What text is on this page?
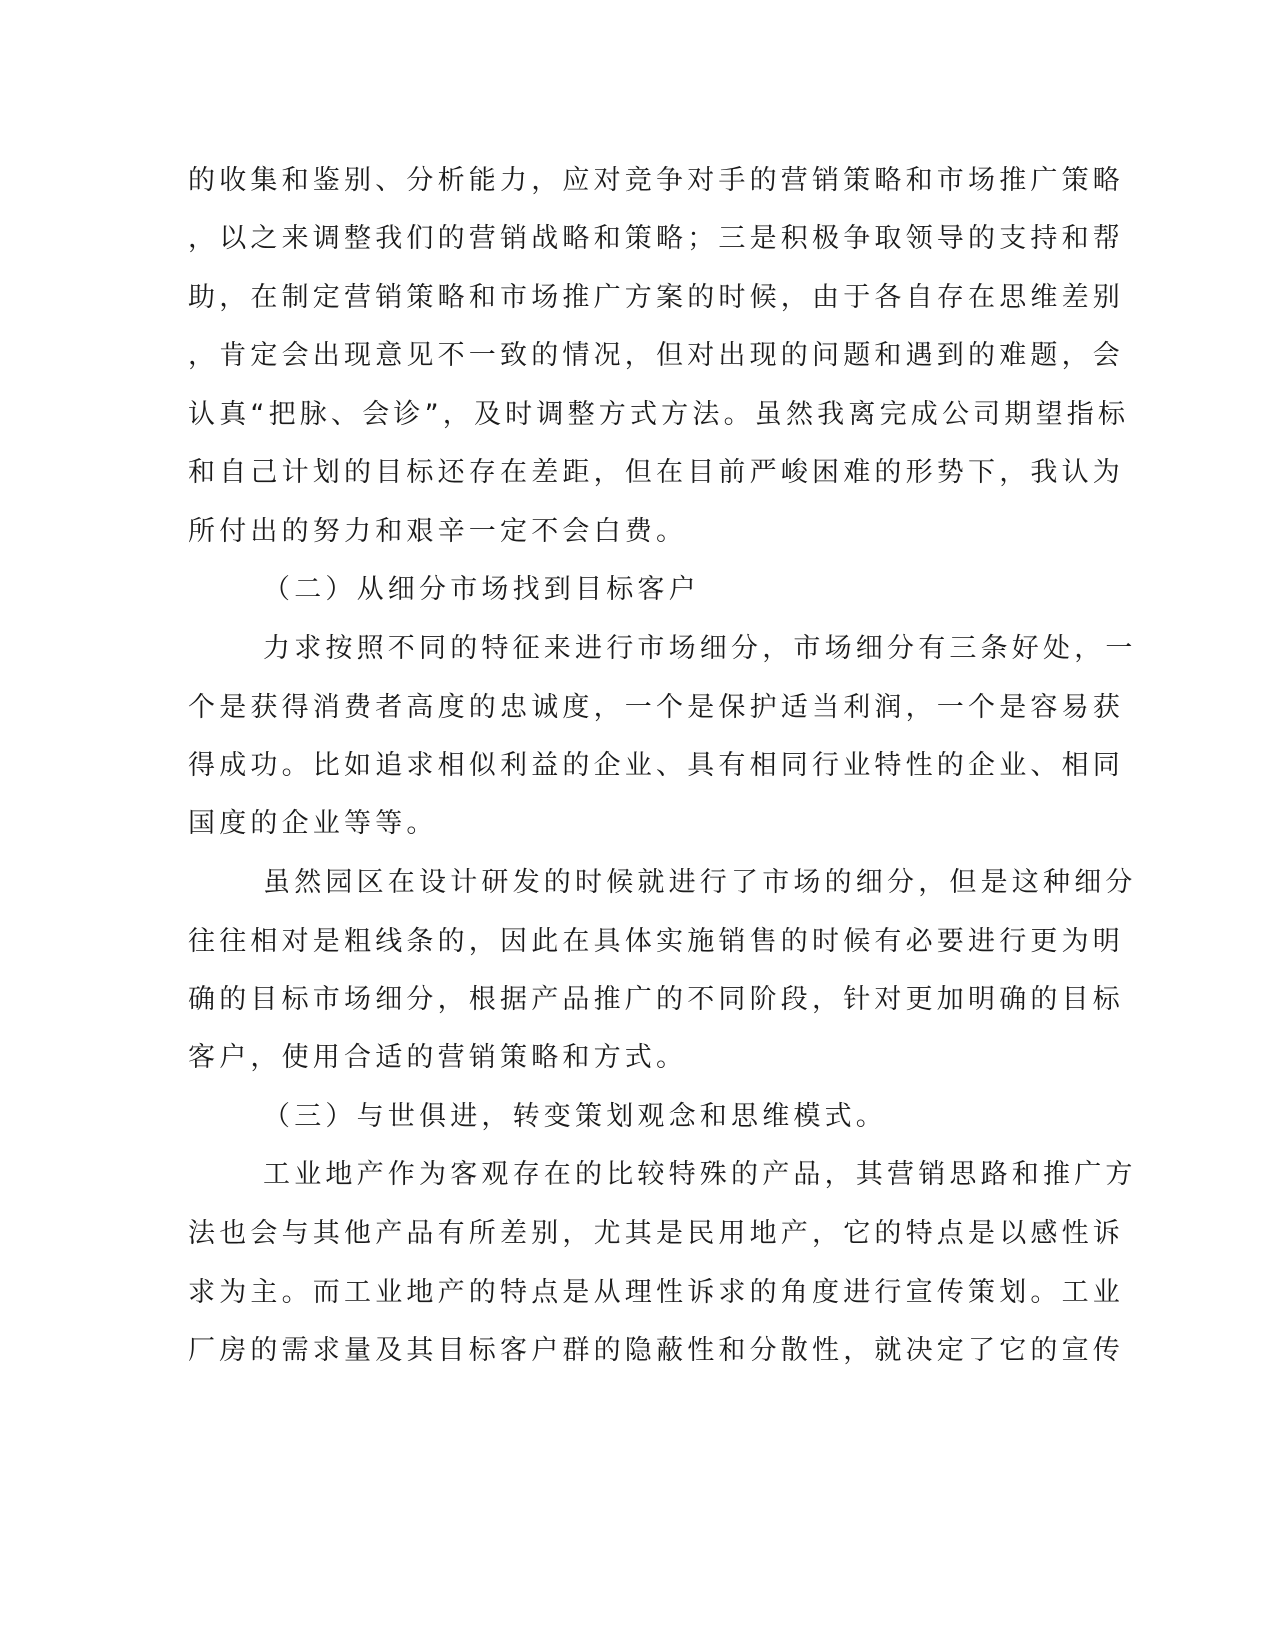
的收集和鉴别、分析能力，应对竞争对手的营销策略和市场推广策略
，以之来调整我们的营销战略和策略；三是积极争取领导的支持和帮
助，在制定营销策略和市场推广方案的时候，由于各自存在思维差别
，肯定会出现意见不一致的情况，但对出现的问题和遇到的难题，会
认真“把脉、会诊”，及时调整方式方法。虽然我离完成公司期望指标
和自己计划的目标还存在差距，但在目前严峻困难的形势下，我认为
所付出的努力和艰辛一定不会白费。
（二）从细分市场找到目标客户
力求按照不同的特征来进行市场细分，市场细分有三条好处，一
个是获得消费者高度的忠诚度，一个是保护适当利润，一个是容易获
得成功。比如追求相似利益的企业、具有相同行业特性的企业、相同
国度的企业等等。
虽然园区在设计研发的时候就进行了市场的细分，但是这种细分
往往相对是粗线条的，因此在具体实施销售的时候有必要进行更为明
确的目标市场细分，根据产品推广的不同阶段，针对更加明确的目标
客户，使用合适的营销策略和方式。
（三）与世俱进，转变策划观念和思维模式。
工业地产作为客观存在的比较特殊的产品，其营销思路和推广方
法也会与其他产品有所差别，尤其是民用地产，它的特点是以感性诉
求为主。而工业地产的特点是从理性诉求的角度进行宣传策划。工业
厂房的需求量及其目标客户群的隐蔽性和分散性，就决定了它的宣传
